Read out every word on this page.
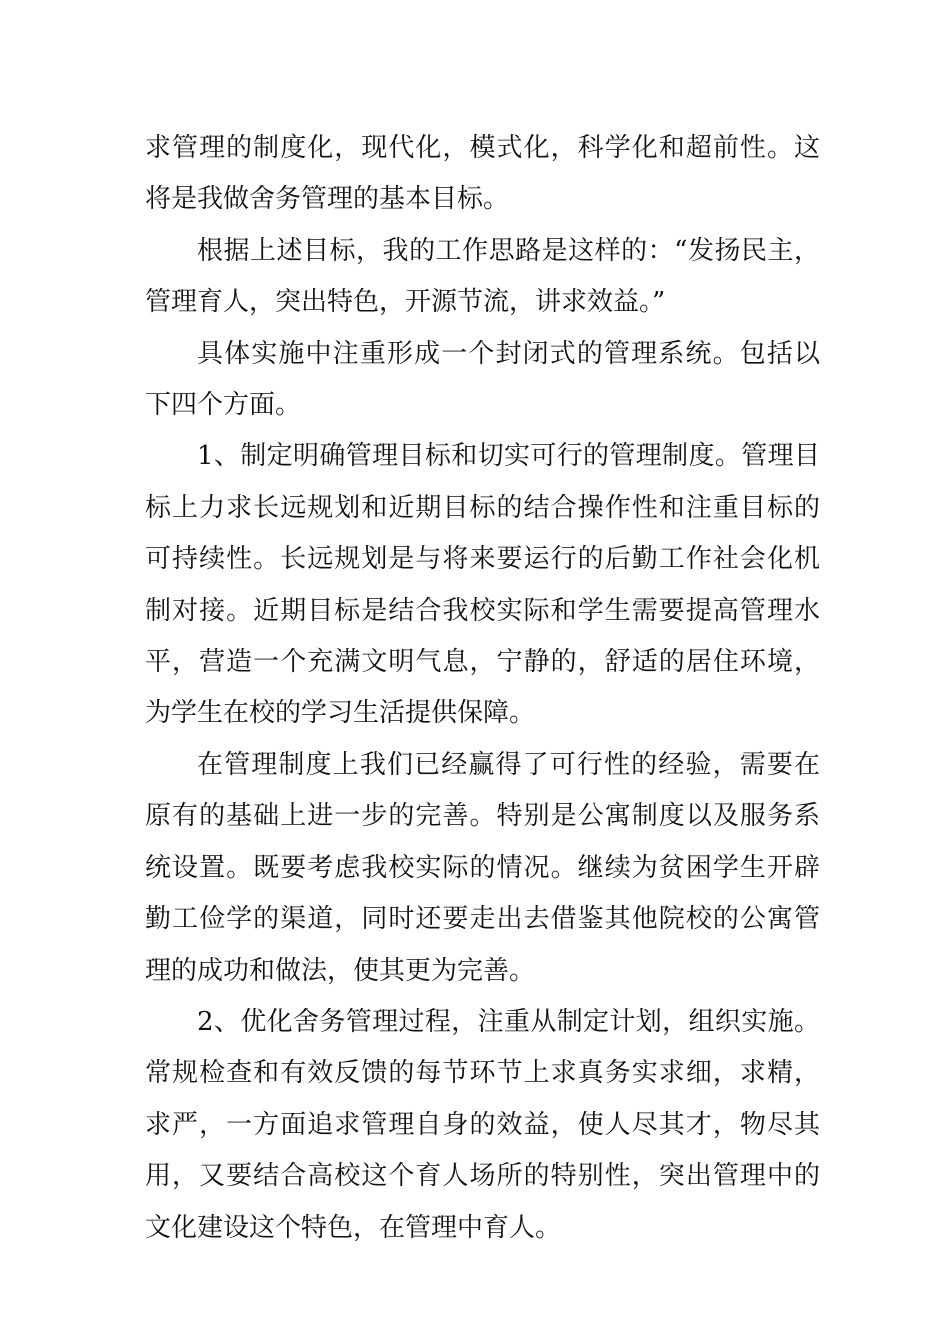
求管理的制度化，现代化，模式化，科学化和超前性。这将是我做舍务管理的基本目标。

根据上述目标，我的工作思路是这样的：“发扬民主，管理育人，突出特色，开源节流，讲求效益。”

具体实施中注重形成一个封闭式的管理系统。包括以下四个方面。

1、制定明确管理目标和切实可行的管理制度。管理目标上力求长远规划和近期目标的结合操作性和注重目标的可持续性。长远规划是与将来要运行的后勤工作社会化机制对接。近期目标是结合我校实际和学生需要提高管理水平，营造一个充满文明气息，宁静的，舒适的居住环境，为学生在校的学习生活提供保障。

在管理制度上我们已经赢得了可行性的经验，需要在原有的基础上进一步的完善。特别是公寓制度以及服务系统设置。既要考虑我校实际的情况。继续为贫困学生开辟勤工俭学的渠道，同时还要走出去借鉴其他院校的公寓管理的成功和做法，使其更为完善。

2、优化舍务管理过程，注重从制定计划，组织实施。常规检查和有效反馈的每节环节上求真务实求细，求精，求严，一方面追求管理自身的效益，使人尽其才，物尽其用，又要结合高校这个育人场所的特别性，突出管理中的文化建设这个特色，在管理中育人。
